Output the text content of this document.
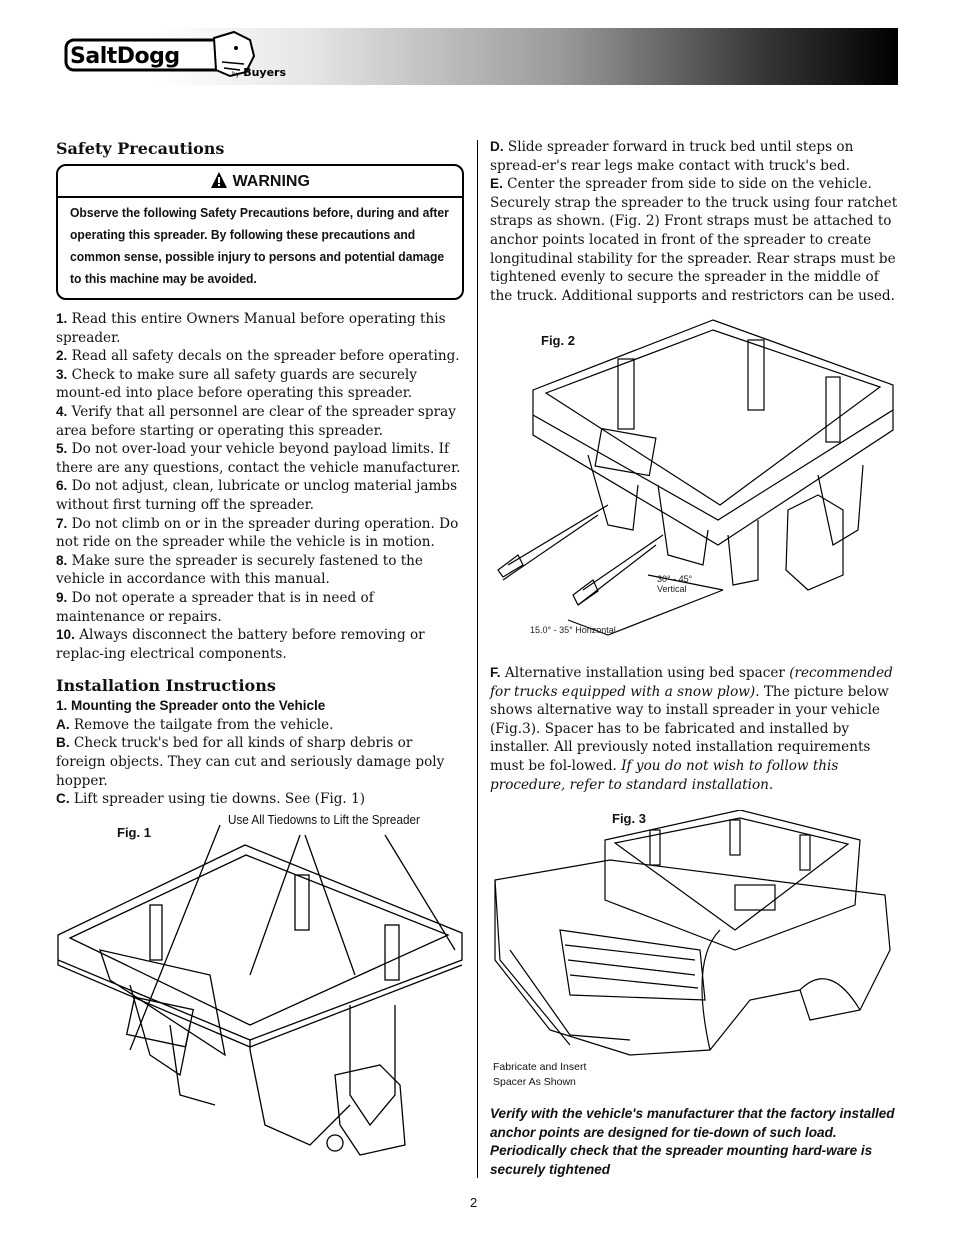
SaltDogg
by Buyers
Safety Precautions
WARNING
Observe the following Safety Precautions before, during and after operating this spreader. By following these precautions and common sense, possible injury to persons and potential damage to this machine may be avoided.

1. Read this entire Owners Manual before operating this spreader.

2. Read all safety decals on the spreader before operating.

3. Check to make sure all safety guards are securely mount-ed into place before operating this spreader.

4. Verify that all personnel are clear of the spreader spray area before starting or operating this spreader.

5. Do not over-load your vehicle beyond payload limits. If there are any questions, contact the vehicle manufacturer.

6. Do not adjust, clean, lubricate or unclog material jambs without first turning off the spreader.

7. Do not climb on or in the spreader during operation. Do not ride on the spreader while the vehicle is in motion.

8. Make sure the spreader is securely fastened to the vehicle in accordance with this manual.

9. Do not operate a spreader that is in need of maintenance or repairs.

10. Always disconnect the battery before removing or replac-ing electrical components.

Installation Instructions

1. Mounting the Spreader onto the Vehicle

A. Remove the tailgate from the vehicle.

B. Check truck's bed for all kinds of sharp debris or foreign objects. They can cut and seriously damage poly hopper.

C. Lift spreader using tie downs. See (Fig. 1)

Fig. 1
Use All Tiedowns to Lift the Spreader

D. Slide spreader forward in truck bed until steps on spread-er's rear legs make contact with truck's bed.

E. Center the spreader from side to side on the vehicle. Securely strap the spreader to the truck using four ratchet straps as shown. (Fig. 2) Front straps must be attached to anchor points located in front of the spreader to create longitudinal stability for the spreader. Rear straps must be tightened evenly to secure the spreader in the middle of the truck. Additional supports and restrictors can be used.

Fig. 2
30° - 45°
Vertical
15.0° - 35° Horizontal

F. Alternative installation using bed spacer (recommended for trucks equipped with a snow plow). The picture below shows alternative way to install spreader in your vehicle (Fig.3). Spacer has to be fabricated and installed by installer. All previously noted installation requirements must be fol-lowed. If you do not wish to follow this procedure, refer to standard installation.

Fig. 3
Fabricate and Insert
Spacer As Shown
Verify with the vehicle's manufacturer that the factory installed anchor points are designed for tie-down of such load. Periodically check that the spreader mounting hard-ware is securely tightened
2
